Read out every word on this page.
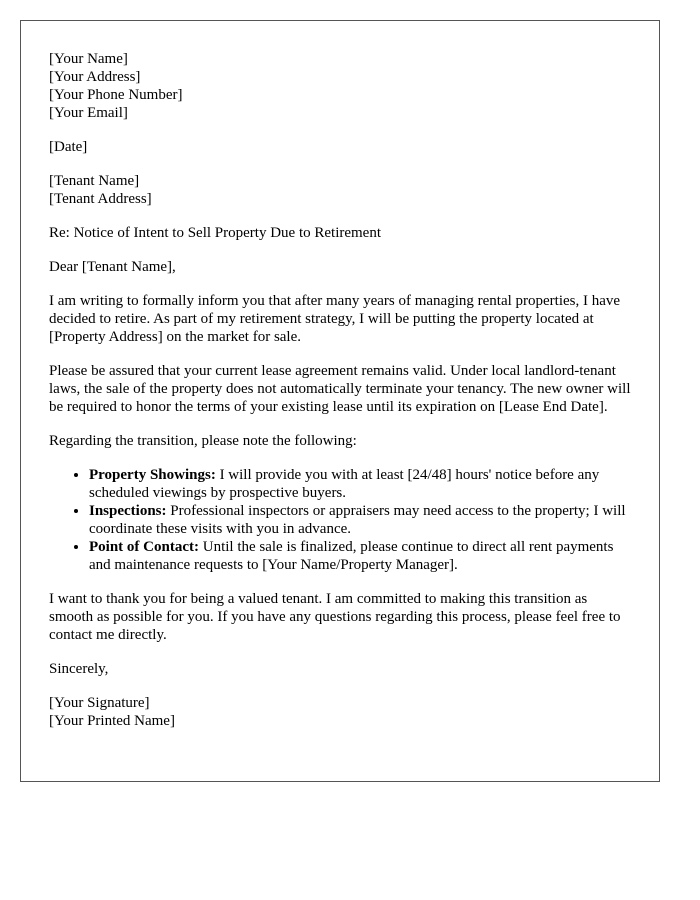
[Your Name]
[Your Address]
[Your Phone Number]
[Your Email]
[Date]
[Tenant Name]
[Tenant Address]

Re: Notice of Intent to Sell Property Due to Retirement

Dear [Tenant Name],

I am writing to formally inform you that after many years of managing rental properties, I have decided to retire. As part of my retirement strategy, I will be putting the property located at [Property Address] on the market for sale.

Please be assured that your current lease agreement remains valid. Under local landlord-tenant laws, the sale of the property does not automatically terminate your tenancy. The new owner will be required to honor the terms of your existing lease until its expiration on [Lease End Date].

Regarding the transition, please note the following:

• Property Showings: I will provide you with at least [24/48] hours' notice before any scheduled viewings by prospective buyers.
• Inspections: Professional inspectors or appraisers may need access to the property; I will coordinate these visits with you in advance.
• Point of Contact: Until the sale is finalized, please continue to direct all rent payments and maintenance requests to [Your Name/Property Manager].

I want to thank you for being a valued tenant. I am committed to making this transition as smooth as possible for you. If you have any questions regarding this process, please feel free to contact me directly.

Sincerely,

[Your Signature]
[Your Printed Name]
